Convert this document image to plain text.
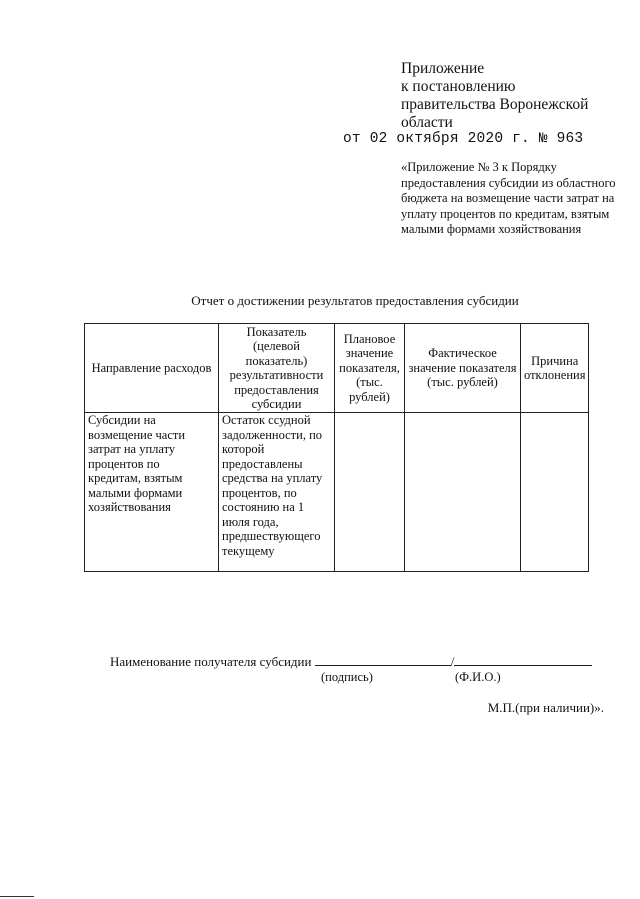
Приложение
к постановлению
правительства Воронежской
области
от 02 октября 2020 г. № 963
«Приложение № 3 к Порядку предоставления субсидии из областного бюджета на возмещение части затрат на уплату процентов по кредитам, взятым малыми формами хозяйствования
Отчет о достижении результатов предоставления субсидии
Направление расходов	Показатель (целевой показатель) результативности предоставления субсидии	Плановое значение показателя, (тыс. рублей)	Фактическое значение показателя (тыс. рублей)	Причина отклонения
Субсидии на возмещение части затрат на уплату процентов по кредитам, взятым малыми формами хозяйствования	Остаток ссудной задолженности, по которой предоставлены средства на уплату процентов, по состоянию на 1 июля года, предшествующего текущему			
Наименование получателя субсидии	/
(подпись)	(Ф.И.О.)
М.П.(при наличии)».
